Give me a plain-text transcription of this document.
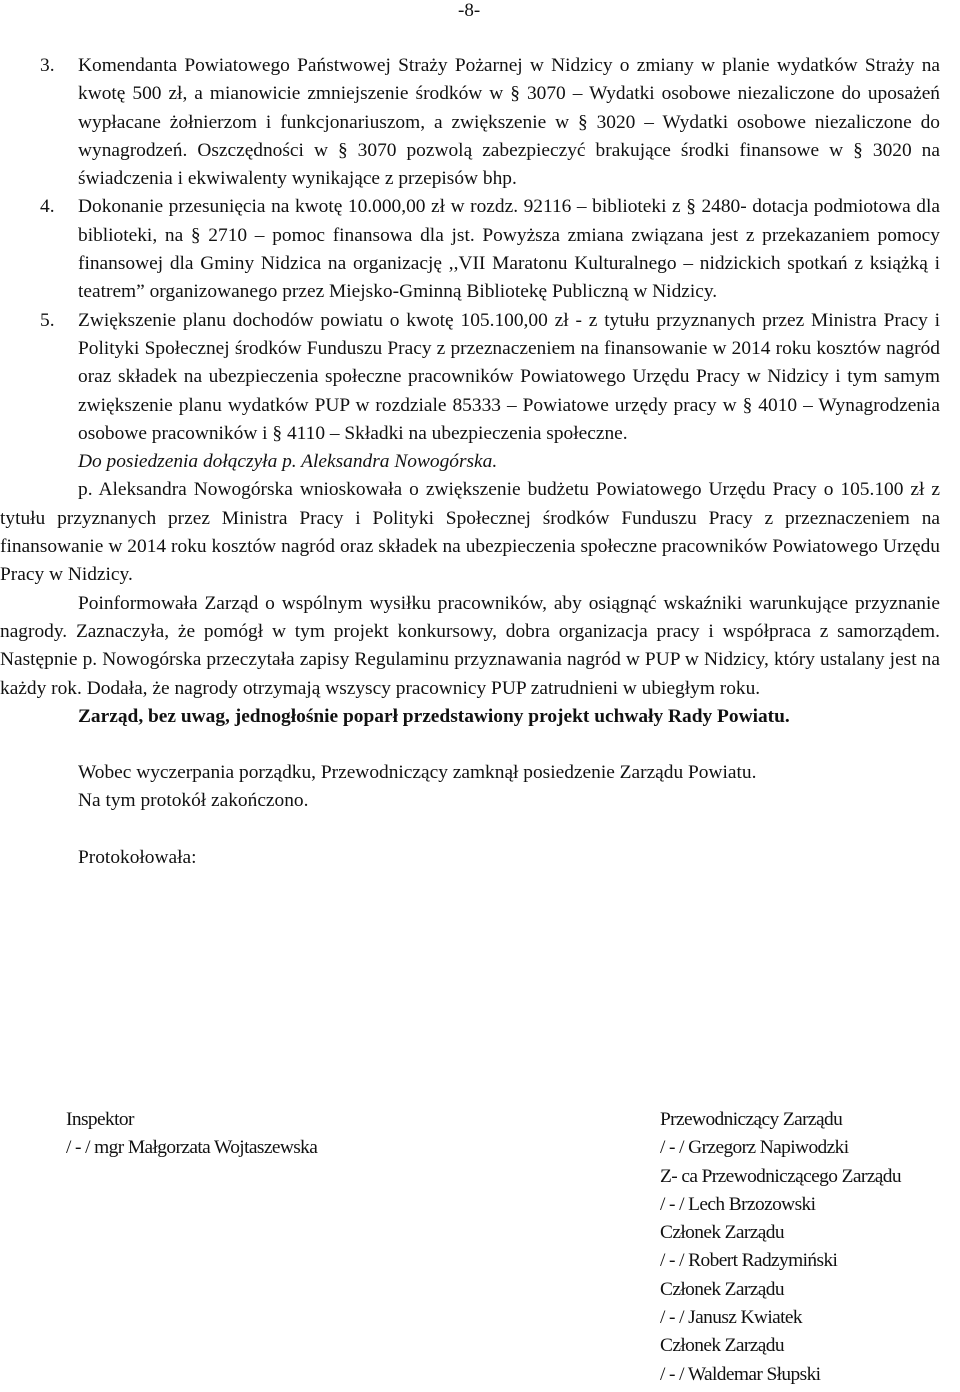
-8-
3. Komendanta Powiatowego Państwowej Straży Pożarnej w Nidzicy o zmiany w planie wydatków Straży na kwotę 500 zł, a mianowicie zmniejszenie środków w § 3070 – Wydatki osobowe niezaliczone do uposażeń wypłacane żołnierzom i funkcjonariuszom, a zwiększenie w § 3020 – Wydatki osobowe niezaliczone do wynagrodzeń. Oszczędności w § 3070 pozwolą zabezpieczyć brakujące środki finansowe w § 3020 na świadczenia i ekwiwalenty wynikające z przepisów bhp.
4. Dokonanie przesunięcia na kwotę 10.000,00 zł w rozdz. 92116 – biblioteki z § 2480- dotacja podmiotowa dla biblioteki, na § 2710 – pomoc finansowa dla jst. Powyższa zmiana związana jest z przekazaniem pomocy finansowej dla Gminy Nidzica na organizację ,,VII Maratonu Kulturalnego – nidzickich spotkań z książką i teatrem” organizowanego przez Miejsko-Gminną Bibliotekę Publiczną w Nidzicy.
5. Zwiększenie planu dochodów powiatu o kwotę 105.100,00 zł - z tytułu przyznanych przez Ministra Pracy i Polityki Społecznej środków Funduszu Pracy z przeznaczeniem na finansowanie w 2014 roku kosztów nagród oraz składek na ubezpieczenia społeczne pracowników Powiatowego Urzędu Pracy w Nidzicy i tym samym zwiększenie planu wydatków PUP w rozdziale 85333 – Powiatowe urzędy pracy w § 4010 – Wynagrodzenia osobowe pracowników i § 4110 – Składki na ubezpieczenia społeczne.
Do posiedzenia dołączyła p. Aleksandra Nowogórska.
p. Aleksandra Nowogórska wnioskowała o zwiększenie budżetu Powiatowego Urzędu Pracy o 105.100 zł z tytułu przyznanych przez Ministra Pracy i Polityki Społecznej środków Funduszu Pracy z przeznaczeniem na finansowanie w 2014 roku kosztów nagród oraz składek na ubezpieczenia społeczne pracowników Powiatowego Urzędu Pracy w Nidzicy.
Poinformowała Zarząd o wspólnym wysiłku pracowników, aby osiągnąć wskaźniki warunkujące przyznanie nagrody. Zaznaczyła, że pomógł w tym projekt konkursowy, dobra organizacja pracy i współpraca z samorządem. Następnie p. Nowogórska przeczytała zapisy Regulaminu przyznawania nagród w PUP w Nidzicy, który ustalany jest na każdy rok. Dodała, że nagrody otrzymają wszyscy pracownicy PUP zatrudnieni w ubiegłym roku.
Zarząd, bez uwag, jednogłośnie poparł przedstawiony projekt uchwały Rady Powiatu.
Wobec wyczerpania porządku, Przewodniczący zamknął posiedzenie Zarządu Powiatu.
Na tym protokół zakończono.
Protokołowała:
Inspektor
/ - / mgr Małgorzata Wojtaszewska
Przewodniczący Zarządu
/ - / Grzegorz Napiwodzki
Z- ca Przewodniczącego Zarządu
/ - / Lech Brzozowski
Członek Zarządu
/ - / Robert Radzymiński
Członek Zarządu
/ - / Janusz Kwiatek
Członek Zarządu
/ - / Waldemar Słupski
